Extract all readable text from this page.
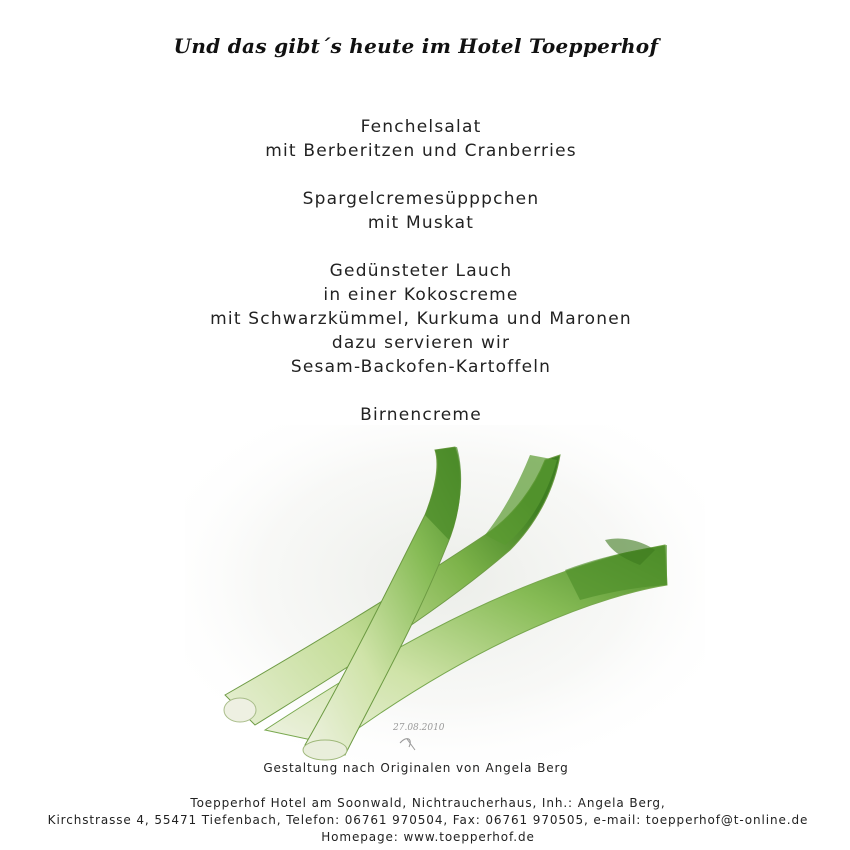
Und das gibt´s heute im Hotel Toepperhof
Fenchelsalat
mit Berberitzen und Cranberries
Spargelcremesüpppchen
mit Muskat
Gedünsteter Lauch
in einer Kokoscreme
mit Schwarzkümmel, Kurkuma und Maronen
dazu servieren wir
Sesam-Backofen-Kartoffeln
Birnencreme
27.08.2010
Gestaltung nach Originalen von Angela Berg
Toepperhof Hotel am Soonwald, Nichtraucherhaus, Inh.: Angela Berg,
Kirchstrasse 4, 55471 Tiefenbach, Telefon: 06761 970504, Fax: 06761 970505, e-mail: toepperhof@t-online.de
Homepage: www.toepperhof.de
